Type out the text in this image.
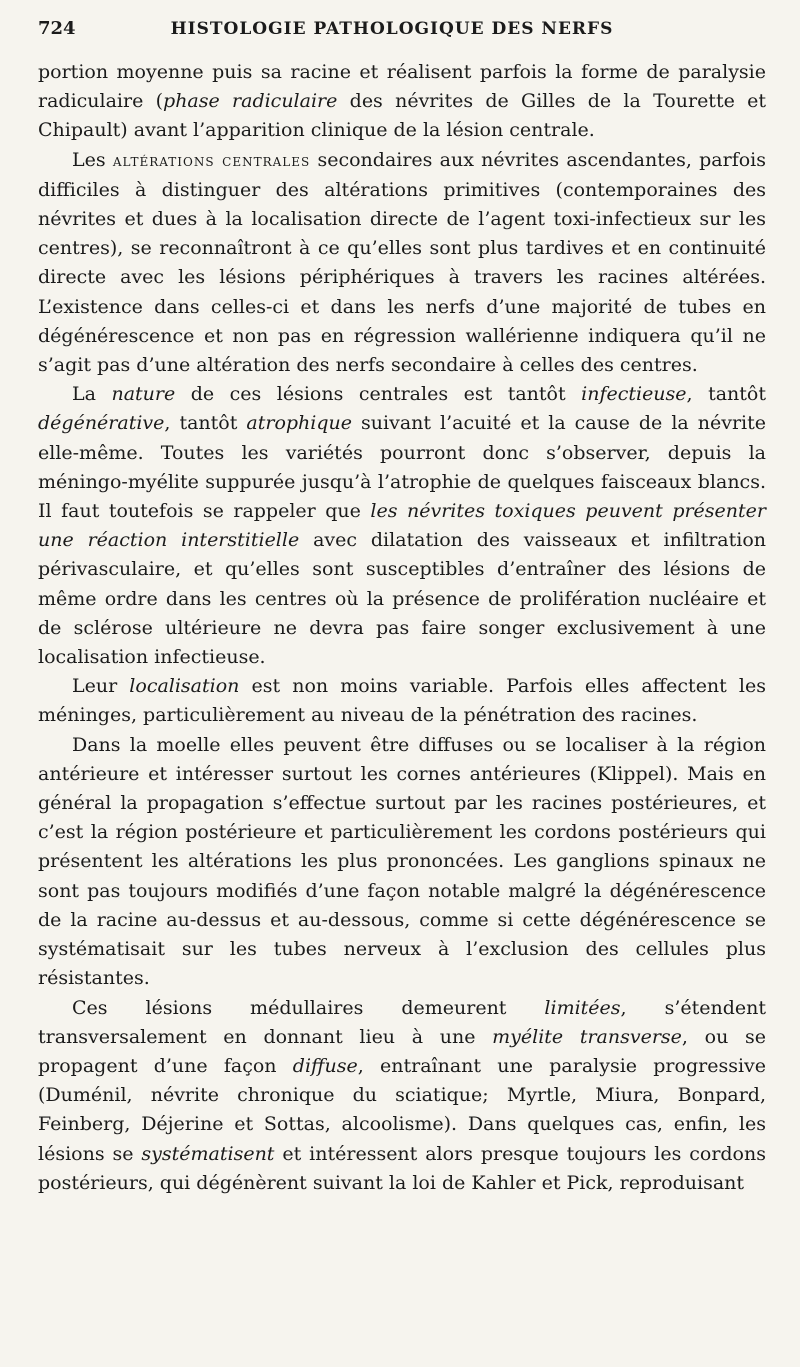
724	HISTOLOGIE PATHOLOGIQUE DES NERFS

portion moyenne puis sa racine et réalisent parfois la forme de paralysie radiculaire (phase radiculaire des névrites de Gilles de la Tourette et Chipault) avant l’apparition clinique de la lésion centrale.

Les altérations centrales secondaires aux névrites ascendantes, parfois difficiles à distinguer des altérations primitives (contemporaines des névrites et dues à la localisation directe de l’agent toxi-infectieux sur les centres), se reconnaîtront à ce qu’elles sont plus tardives et en continuité directe avec les lésions périphériques à travers les racines altérées. L’existence dans celles-ci et dans les nerfs d’une majorité de tubes en dégénérescence et non pas en régression wallérienne indiquera qu’il ne s’agit pas d’une altération des nerfs secondaire à celles des centres.

La nature de ces lésions centrales est tantôt infectieuse, tantôt dégénérative, tantôt atrophique suivant l’acuité et la cause de la névrite elle-même. Toutes les variétés pourront donc s’observer, depuis la méningo-myélite suppurée jusqu’à l’atrophie de quelques faisceaux blancs. Il faut toutefois se rappeler que les névrites toxiques peuvent présenter une réaction interstitielle avec dilatation des vaisseaux et infiltration périvasculaire, et qu’elles sont susceptibles d’entraîner des lésions de même ordre dans les centres où la présence de prolifération nucléaire et de sclérose ultérieure ne devra pas faire songer exclusivement à une localisation infectieuse.

Leur localisation est non moins variable. Parfois elles affectent les méninges, particulièrement au niveau de la pénétration des racines.

Dans la moelle elles peuvent être diffuses ou se localiser à la région antérieure et intéresser surtout les cornes antérieures (Klippel). Mais en général la propagation s’effectue surtout par les racines postérieures, et c’est la région postérieure et particulièrement les cordons postérieurs qui présentent les altérations les plus prononcées. Les ganglions spinaux ne sont pas toujours modifiés d’une façon notable malgré la dégénérescence de la racine au-dessus et au-dessous, comme si cette dégénérescence se systématisait sur les tubes nerveux à l’exclusion des cellules plus résistantes.

Ces lésions médullaires demeurent limitées, s’étendent transversalement en donnant lieu à une myélite transverse, ou se propagent d’une façon diffuse, entraînant une paralysie progressive (Duménil, névrite chronique du sciatique; Myrtle, Miura, Bonpard, Feinberg, Déjerine et Sottas, alcoolisme). Dans quelques cas, enfin, les lésions se systématisent et intéressent alors presque toujours les cordons postérieurs, qui dégénèrent suivant la loi de Kahler et Pick, reproduisant
